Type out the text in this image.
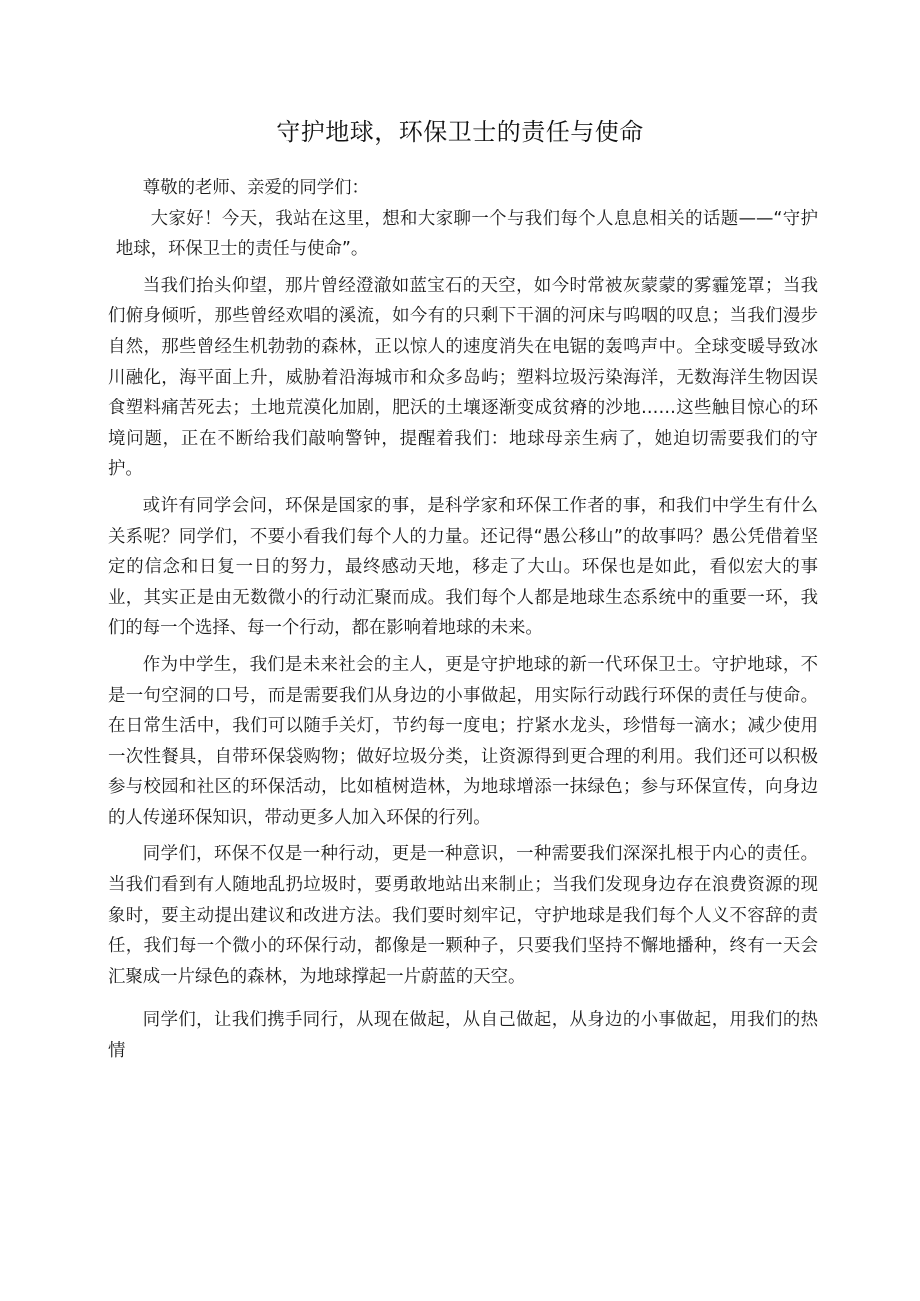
守护地球，环保卫士的责任与使命

尊敬的老师、亲爱的同学们：

大家好！今天，我站在这里，想和大家聊一个与我们每个人息息相关的话题——“守护地球，环保卫士的责任与使命”。

当我们抬头仰望，那片曾经澄澈如蓝宝石的天空，如今时常被灰蒙蒙的雾霾笼罩；当我们俯身倾听，那些曾经欢唱的溪流，如今有的只剩下干涸的河床与呜咽的叹息；当我们漫步自然，那些曾经生机勃勃的森林，正以惊人的速度消失在电锯的轰鸣声中。全球变暖导致冰川融化，海平面上升，威胁着沿海城市和众多岛屿；塑料垃圾污染海洋，无数海洋生物因误食塑料痛苦死去；土地荒漠化加剧，肥沃的土壤逐渐变成贫瘠的沙地……这些触目惊心的环境问题，正在不断给我们敲响警钟，提醒着我们：地球母亲生病了，她迫切需要我们的守护。

或许有同学会问，环保是国家的事，是科学家和环保工作者的事，和我们中学生有什么关系呢？同学们，不要小看我们每个人的力量。还记得“愚公移山”的故事吗？愚公凭借着坚定的信念和日复一日的努力，最终感动天地，移走了大山。环保也是如此，看似宏大的事业，其实正是由无数微小的行动汇聚而成。我们每个人都是地球生态系统中的重要一环，我们的每一个选择、每一个行动，都在影响着地球的未来。

作为中学生，我们是未来社会的主人，更是守护地球的新一代环保卫士。守护地球，不是一句空洞的口号，而是需要我们从身边的小事做起，用实际行动践行环保的责任与使命。在日常生活中，我们可以随手关灯，节约每一度电；拧紧水龙头，珍惜每一滴水；减少使用一次性餐具，自带环保袋购物；做好垃圾分类，让资源得到更合理的利用。我们还可以积极参与校园和社区的环保活动，比如植树造林，为地球增添一抹绿色；参与环保宣传，向身边的人传递环保知识，带动更多人加入环保的行列。

同学们，环保不仅是一种行动，更是一种意识，一种需要我们深深扎根于内心的责任。当我们看到有人随地乱扔垃圾时，要勇敢地站出来制止；当我们发现身边存在浪费资源的现象时，要主动提出建议和改进方法。我们要时刻牢记，守护地球是我们每个人义不容辞的责任，我们每一个微小的环保行动，都像是一颗种子，只要我们坚持不懈地播种，终有一天会汇聚成一片绿色的森林，为地球撑起一片蔚蓝的天空。

同学们，让我们携手同行，从现在做起，从自己做起，从身边的小事做起，用我们的热情
